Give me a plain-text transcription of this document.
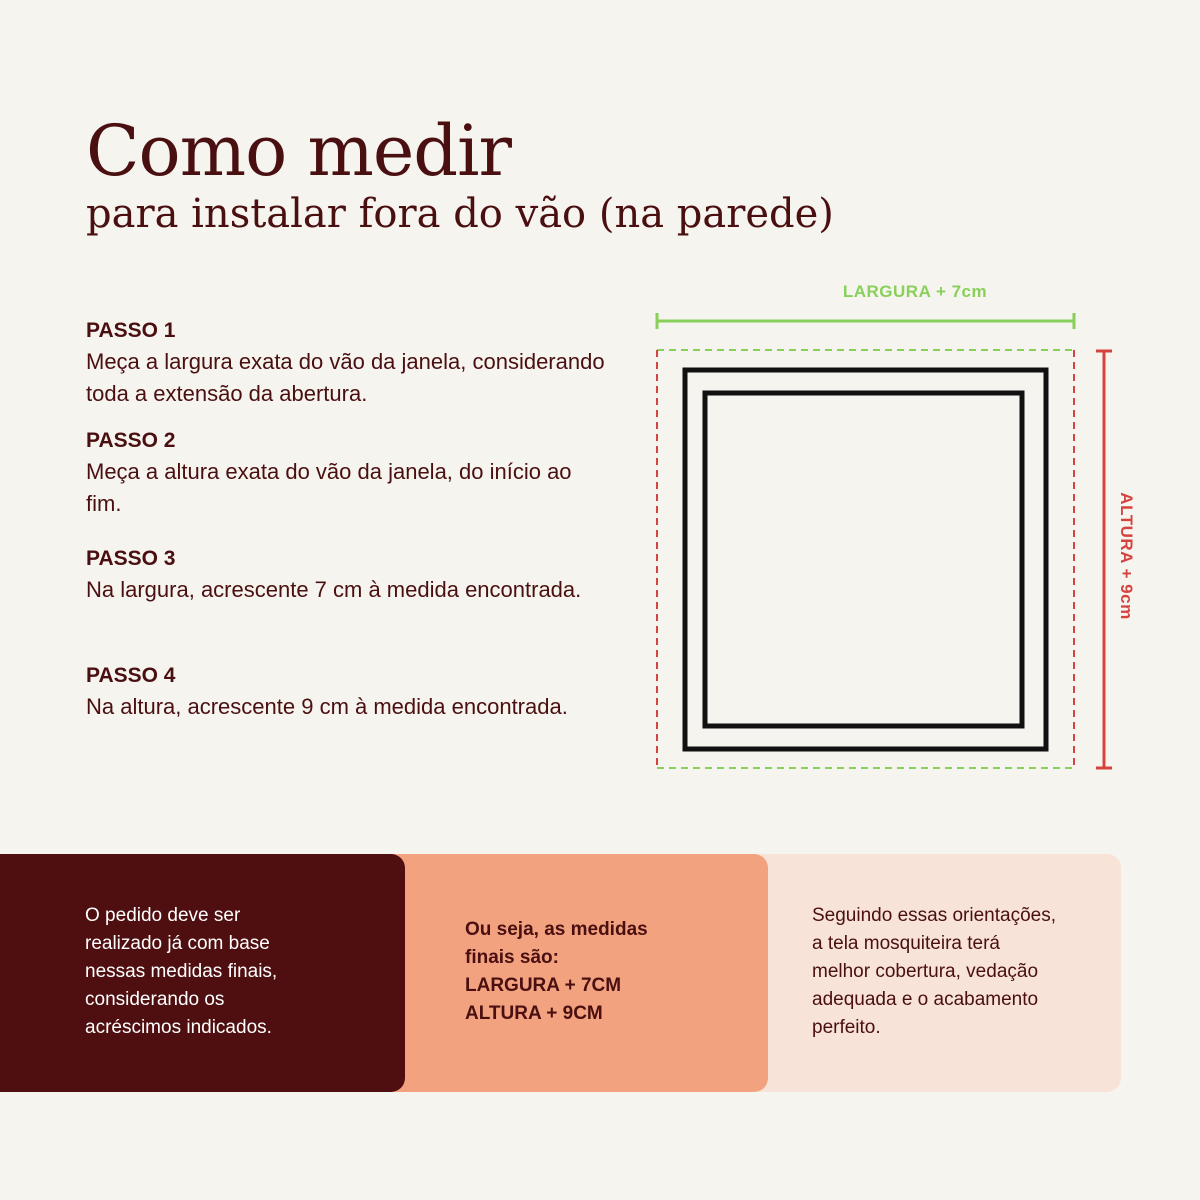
Como medir
para instalar fora do vão (na parede)
PASSO 1
Meça a largura exata do vão da janela, considerando toda a extensão da abertura.
PASSO 2
Meça a altura exata do vão da janela, do início ao fim.
PASSO 3
Na largura, acrescente 7 cm à medida encontrada.
PASSO 4
Na altura, acrescente 9 cm à medida encontrada.
LARGURA + 7cm
ALTURA + 9cm
O pedido deve ser
realizado já com base
nessas medidas finais,
considerando os
acréscimos indicados.
Ou seja, as medidas
finais são:
LARGURA + 7CM
ALTURA + 9CM
Seguindo essas orientações,
a tela mosquiteira terá
melhor cobertura, vedação
adequada e o acabamento
perfeito.
